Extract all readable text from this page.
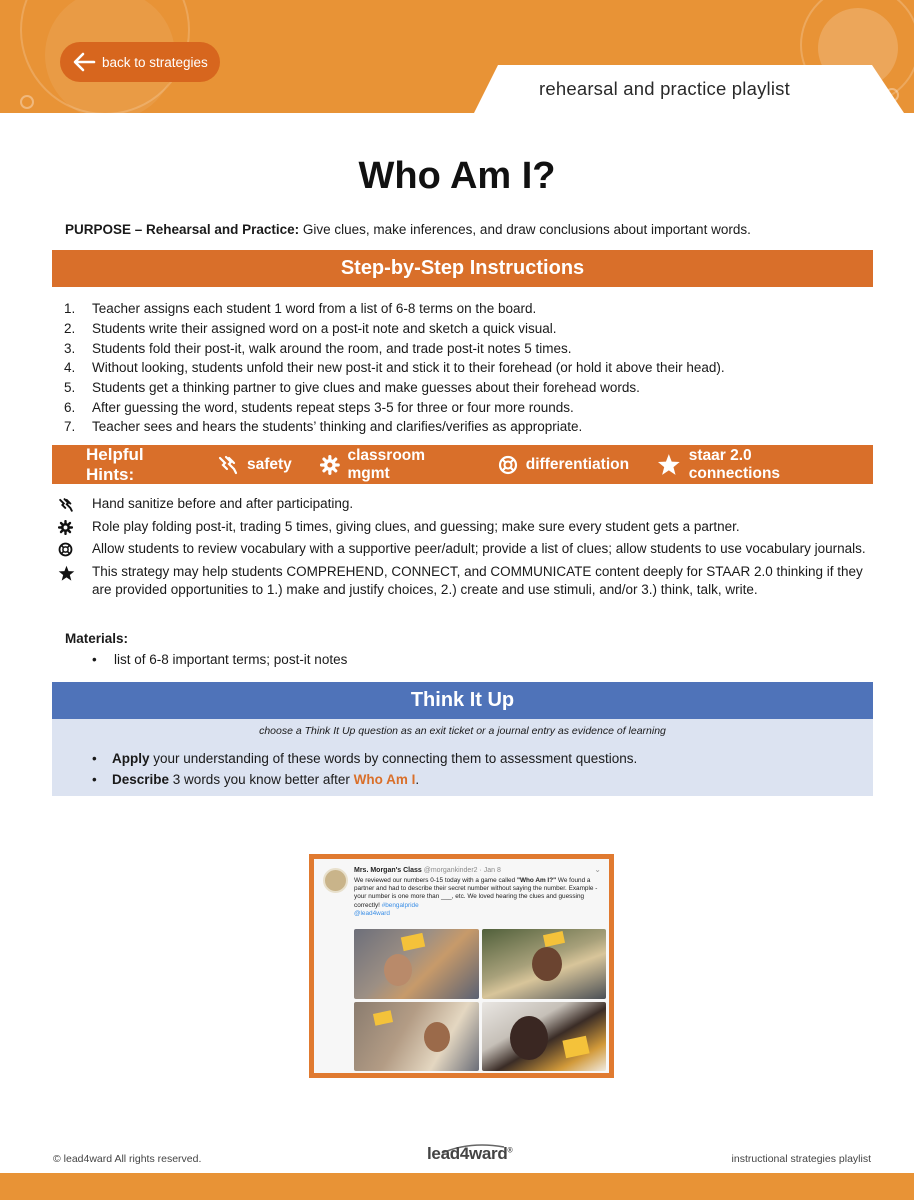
back to strategies
rehearsal and practice playlist
Who Am I?
PURPOSE – Rehearsal and Practice: Give clues, make inferences, and draw conclusions about important words.
Step-by-Step Instructions
1.	Teacher assigns each student 1 word from a list of 6-8 terms on the board.
2.	Students write their assigned word on a post-it note and sketch a quick visual.
3.	Students fold their post-it, walk around the room, and trade post-it notes 5 times.
4.	Without looking, students unfold their new post-it and stick it to their forehead (or hold it above their head).
5.	Students get a thinking partner to give clues and make guesses about their forehead words.
6.	After guessing the word, students repeat steps 3-5 for three or four more rounds.
7.	Teacher sees and hears the students’ thinking and clarifies/verifies as appropriate.
Helpful Hints:
safety
classroom mgmt
differentiation
staar 2.0 connections
Hand sanitize before and after participating.
Role play folding post-it, trading 5 times, giving clues, and guessing; make sure every student gets a partner.
Allow students to review vocabulary with a supportive peer/adult; provide a list of clues; allow students to use vocabulary journals.
This strategy may help students COMPREHEND, CONNECT, and COMMUNICATE content deeply for STAAR 2.0 thinking if they are provided opportunities to 1.) make and justify choices, 2.) create and use stimuli, and/or 3.) think, talk, write.
Materials:
•	list of 6-8 important terms; post-it notes
Think It Up
choose a Think It Up question as an exit ticket or a journal entry as evidence of learning
•	Apply your understanding of these words by connecting them to assessment questions.
•	Describe 3 words you know better after Who Am I.
Mrs. Morgan's Class @morgankinder2 · Jan 8	⌄
We reviewed our numbers 0-15 today with a game called "Who Am I?" We found a partner and had to describe their secret number without saying the number. Example - your number is one more than ___, etc. We loved hearing the clues and guessing correctly! #bengalpride
@lead4ward
© lead4ward All rights reserved.	lead4ward®
instructional strategies playlist
